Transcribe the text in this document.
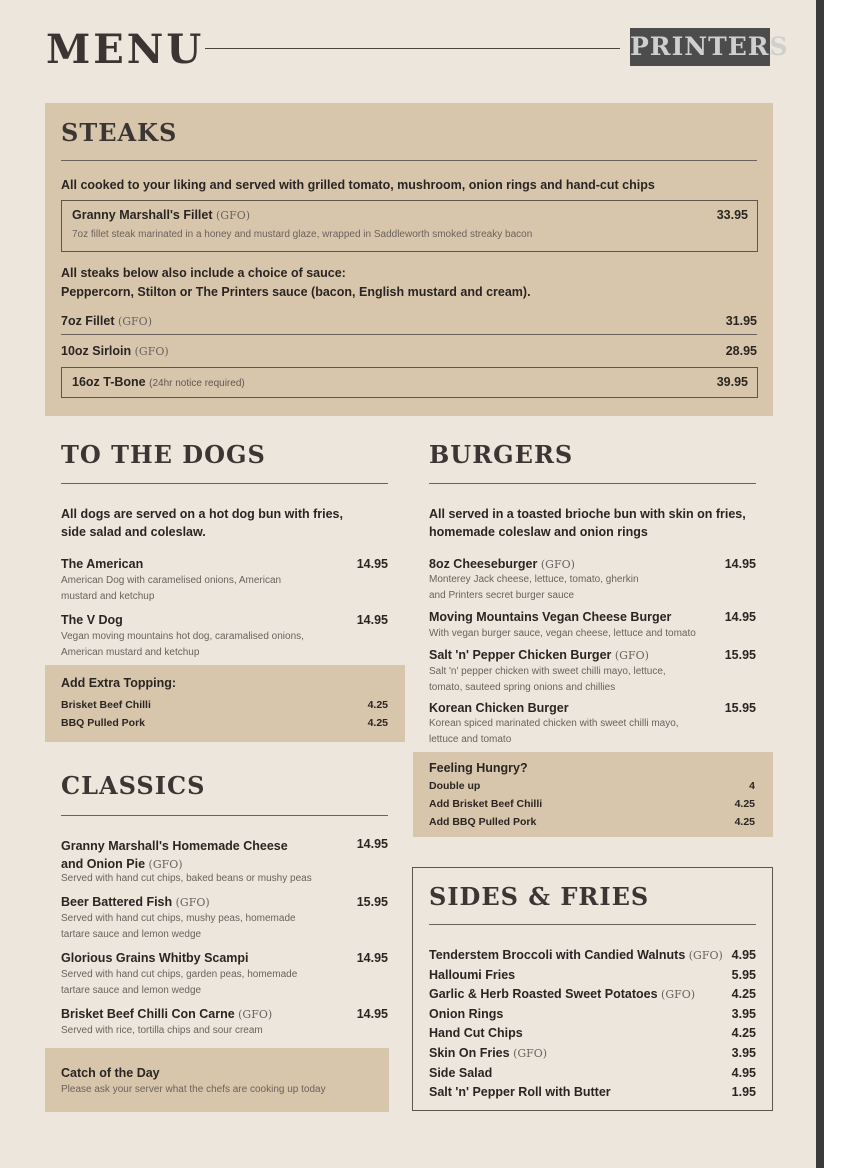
MENU	PRINTERS
STEAKS
All cooked to your liking and served with grilled tomato, mushroom, onion rings and hand-cut chips
Granny Marshall's Fillet (GFO)	33.95
7oz fillet steak marinated in a honey and mustard glaze, wrapped in Saddleworth smoked streaky bacon
All steaks below also include a choice of sauce:
Peppercorn, Stilton or The Printers sauce (bacon, English mustard and cream).
7oz Fillet (GFO)	31.95
10oz Sirloin (GFO)	28.95
16oz T-Bone (24hr notice required)	39.95
TO THE DOGS
All dogs are served on a hot dog bun with fries,
side salad and coleslaw.
The American	14.95
American Dog with caramelised onions, American
mustard and ketchup
The V Dog	14.95
Vegan moving mountains hot dog, caramalised onions,
American mustard and ketchup
Add Extra Topping:
Brisket Beef Chilli	4.25
BBQ Pulled Pork	4.25
BURGERS
All served in a toasted brioche bun with skin on fries,
homemade coleslaw and onion rings
8oz Cheeseburger (GFO)	14.95
Monterey Jack cheese, lettuce, tomato, gherkin
and Printers secret burger sauce
Moving Mountains Vegan Cheese Burger	14.95
With vegan burger sauce, vegan cheese, lettuce and tomato
Salt 'n' Pepper Chicken Burger (GFO)	15.95
Salt 'n' pepper chicken with sweet chilli mayo, lettuce,
tomato, sauteed spring onions and chillies
Korean Chicken Burger	15.95
Korean spiced marinated chicken with sweet chilli mayo,
lettuce and tomato
Feeling Hungry?
Double up	4
Add Brisket Beef Chilli	4.25
Add BBQ Pulled Pork	4.25
CLASSICS
Granny Marshall's Homemade Cheese
and Onion Pie (GFO)
14.95
Served with hand cut chips, baked beans or mushy peas
Beer Battered Fish (GFO)	15.95
Served with hand cut chips, mushy peas, homemade
tartare sauce and lemon wedge
Glorious Grains Whitby Scampi	14.95
Served with hand cut chips, garden peas, homemade
tartare sauce and lemon wedge
Brisket Beef Chilli Con Carne (GFO)	14.95
Served with rice, tortilla chips and sour cream
Catch of the Day
Please ask your server what the chefs are cooking up today
SIDES & FRIES
Tenderstem Broccoli with Candied Walnuts (GFO) 4.95
Halloumi Fries	5.95
Garlic & Herb Roasted Sweet Potatoes (GFO)	4.25
Onion Rings	3.95
Hand Cut Chips	4.25
Skin On Fries (GFO)	3.95
Side Salad	4.95
Salt 'n' Pepper Roll with Butter	1.95
